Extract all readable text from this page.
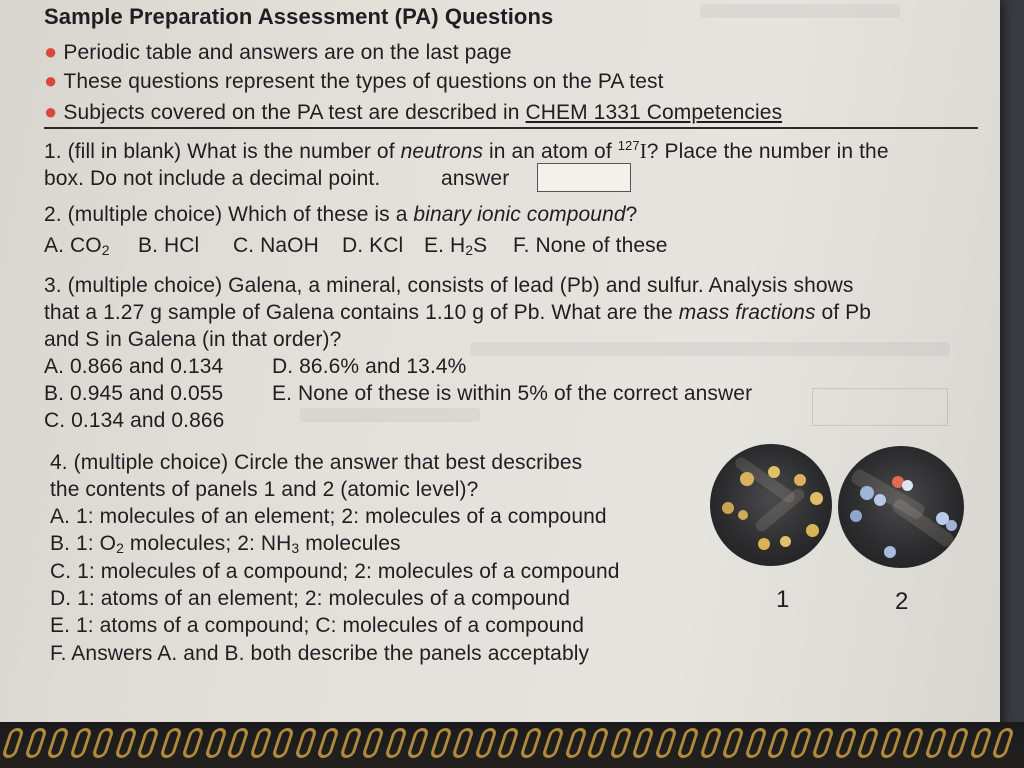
Sample Preparation Assessment (PA) Questions
● Periodic table and answers are on the last page
● These questions represent the types of questions on the PA test
● Subjects covered on the PA test are described in CHEM 1331 Competencies
1. (fill in blank) What is the number of neutrons in an atom of $^{127}$I? Place the number in the
box. Do not include a decimal point.	answer
2. (multiple choice) Which of these is a binary ionic compound?
A. $CO_2$ B. HCl C. NaOH D. KCl E. $H_2S$ F. None of these
3. (multiple choice) Galena, a mineral, consists of lead (Pb) and sulfur. Analysis shows
that a 1.27 g sample of Galena contains 1.10 g of Pb. What are the mass fractions of Pb
and S in Galena (in that order)?
A. 0.866 and 0.134 D. 86.6% and 13.4%
B. 0.945 and 0.055 E. None of these is within 5% of the correct answer
C. 0.134 and 0.866
4. (multiple choice) Circle the answer that best describes
the contents of panels 1 and 2 (atomic level)?
A. 1: molecules of an element; 2: molecules of a compound
B. 1: $O_2$ molecules; 2: $NH_3$ molecules
C. 1: molecules of a compound; 2: molecules of a compound
D. 1: atoms of an element; 2: molecules of a compound
E. 1: atoms of a compound; C: molecules of a compound
F. Answers A. and B. both describe the panels acceptably
1	2
